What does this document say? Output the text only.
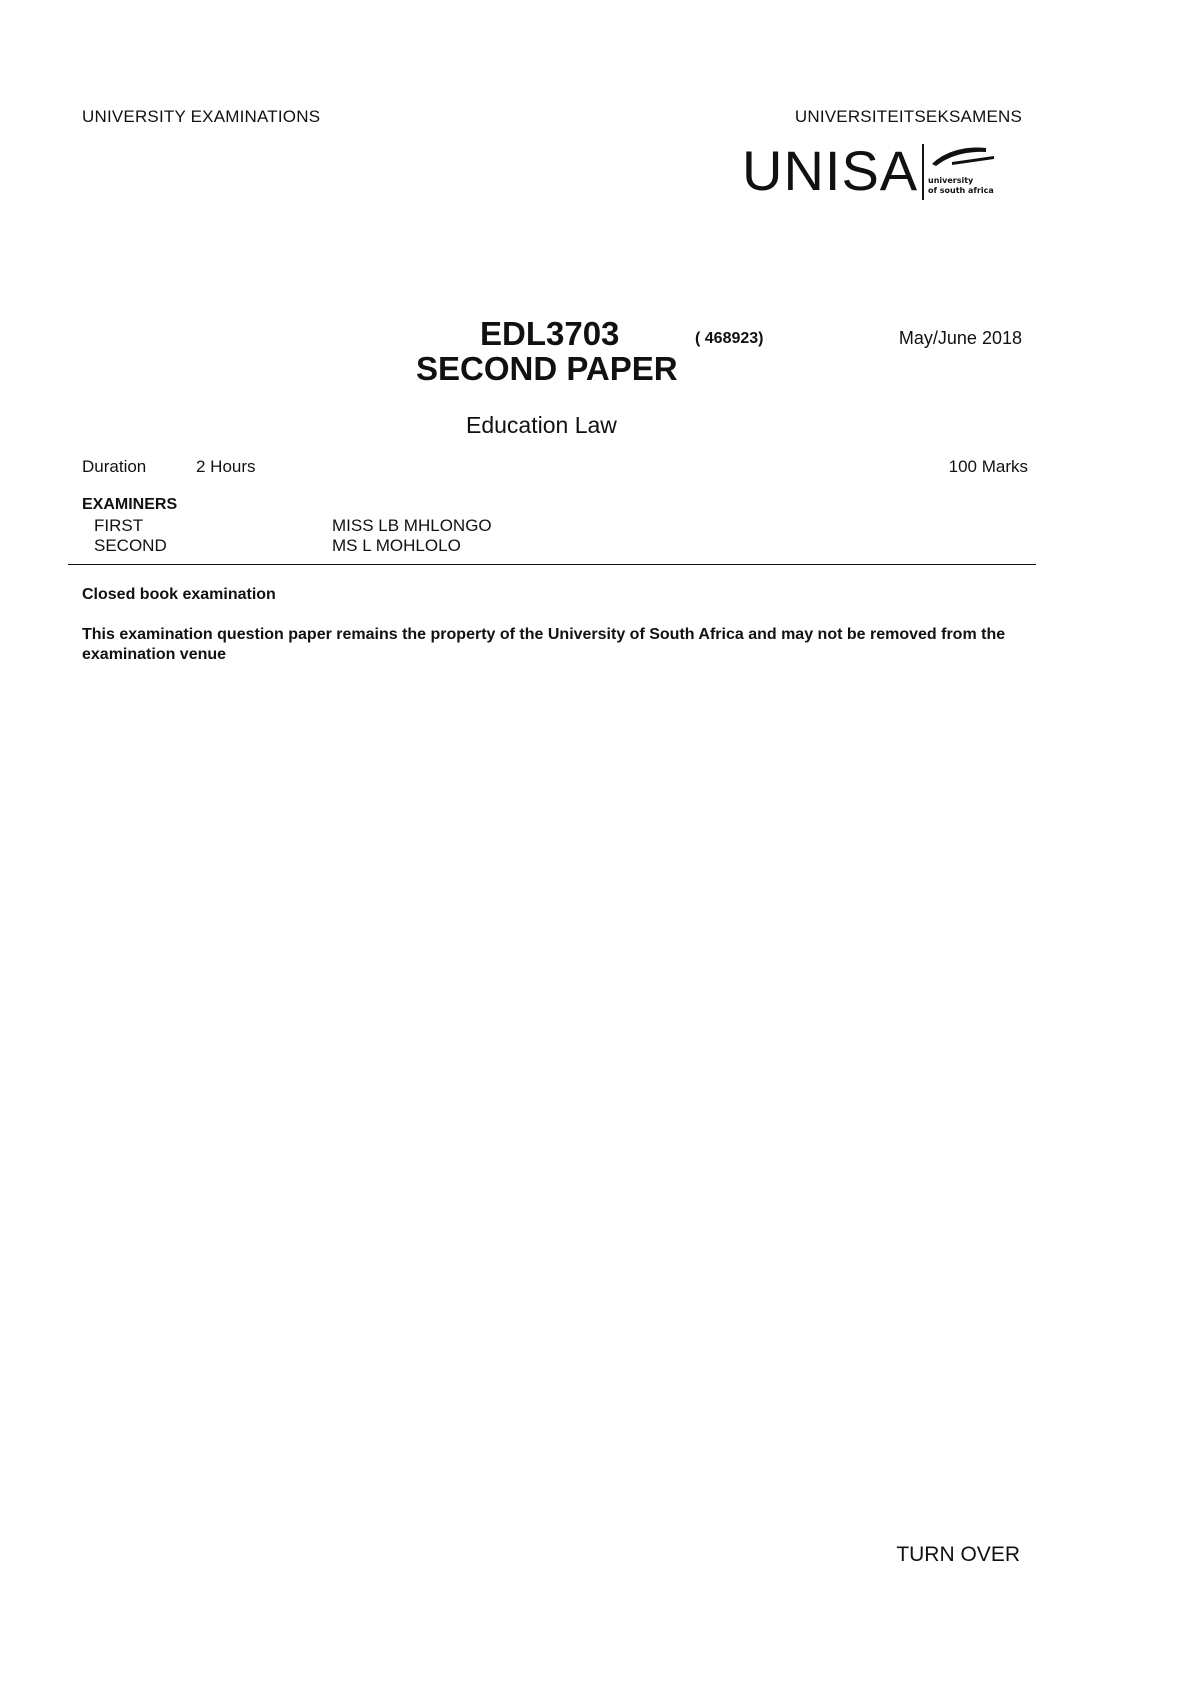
UNIVERSITY EXAMINATIONS	UNIVERSITEITSEKSAMENS
UNISA university
of south africa
EDL3703	( 468923)	May/June 2018
SECOND PAPER
Education Law
Duration	2 Hours	100 Marks
EXAMINERS
FIRST	MISS LB MHLONGO
SECOND	MS L MOHLOLO
Closed book examination
This examination question paper remains the property of the University of South Africa and may not be removed from the examination venue
TURN OVER
